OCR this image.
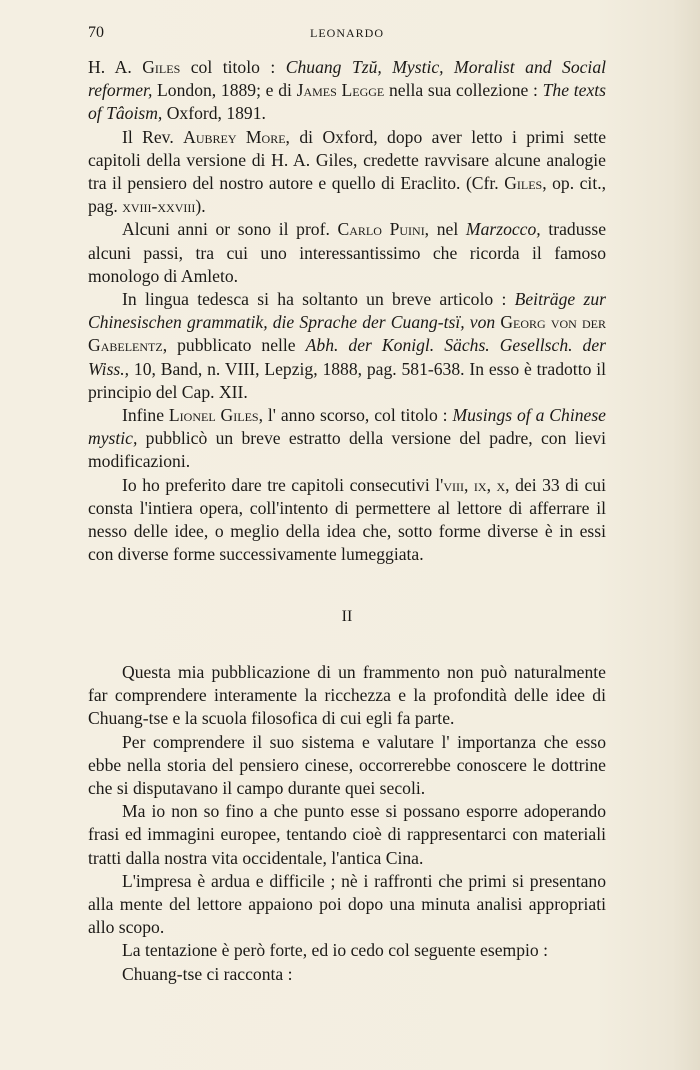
70	LEONARDO

H. A. Giles col titolo : Chuang Tzŭ, Mystic, Moralist and Social reformer, London, 1889; e di James Legge nella sua collezione : The texts of Tâoism, Oxford, 1891.

Il Rev. Aubrey More, di Oxford, dopo aver letto i primi sette capitoli della versione di H. A. Giles, credette ravvisare alcune analogie tra il pensiero del nostro autore e quello di Eraclito. (Cfr. Giles, op. cit., pag. xviii-xxviii).

Alcuni anni or sono il prof. Carlo Puini, nel Marzocco, tradusse alcuni passi, tra cui uno interessantissimo che ricorda il famoso monologo di Amleto.

In lingua tedesca si ha soltanto un breve articolo : Beiträge zur Chinesischen grammatik, die Sprache der Cuang-tsï, von Georg von der Gabelentz, pubblicato nelle Abh. der Konigl. Sächs. Gesellsch. der Wiss., 10, Band, n. VIII, Lepzig, 1888, pag. 581-638. In esso è tradotto il principio del Cap. XII.

Infine Lionel Giles, l' anno scorso, col titolo : Musings of a Chinese mystic, pubblicò un breve estratto della versione del padre, con lievi modificazioni.

Io ho preferito dare tre capitoli consecutivi l'viii, ix, x, dei 33 di cui consta l'intiera opera, coll'intento di permettere al lettore di afferrare il nesso delle idee, o meglio della idea che, sotto forme diverse è in essi con diverse forme successivamente lumeggiata.

II

Questa mia pubblicazione di un frammento non può naturalmente far comprendere interamente la ricchezza e la profondità delle idee di Chuang-tse e la scuola filosofica di cui egli fa parte.

Per comprendere il suo sistema e valutare l' importanza che esso ebbe nella storia del pensiero cinese, occorrerebbe conoscere le dottrine che si disputavano il campo durante quei secoli.

Ma io non so fino a che punto esse si possano esporre adoperando frasi ed immagini europee, tentando cioè di rappresentarci con materiali tratti dalla nostra vita occidentale, l'antica Cina.

L'impresa è ardua e difficile ; nè i raffronti che primi si presentano alla mente del lettore appaiono poi dopo una minuta analisi appropriati allo scopo.

La tentazione è però forte, ed io cedo col seguente esempio :

Chuang-tse ci racconta :
